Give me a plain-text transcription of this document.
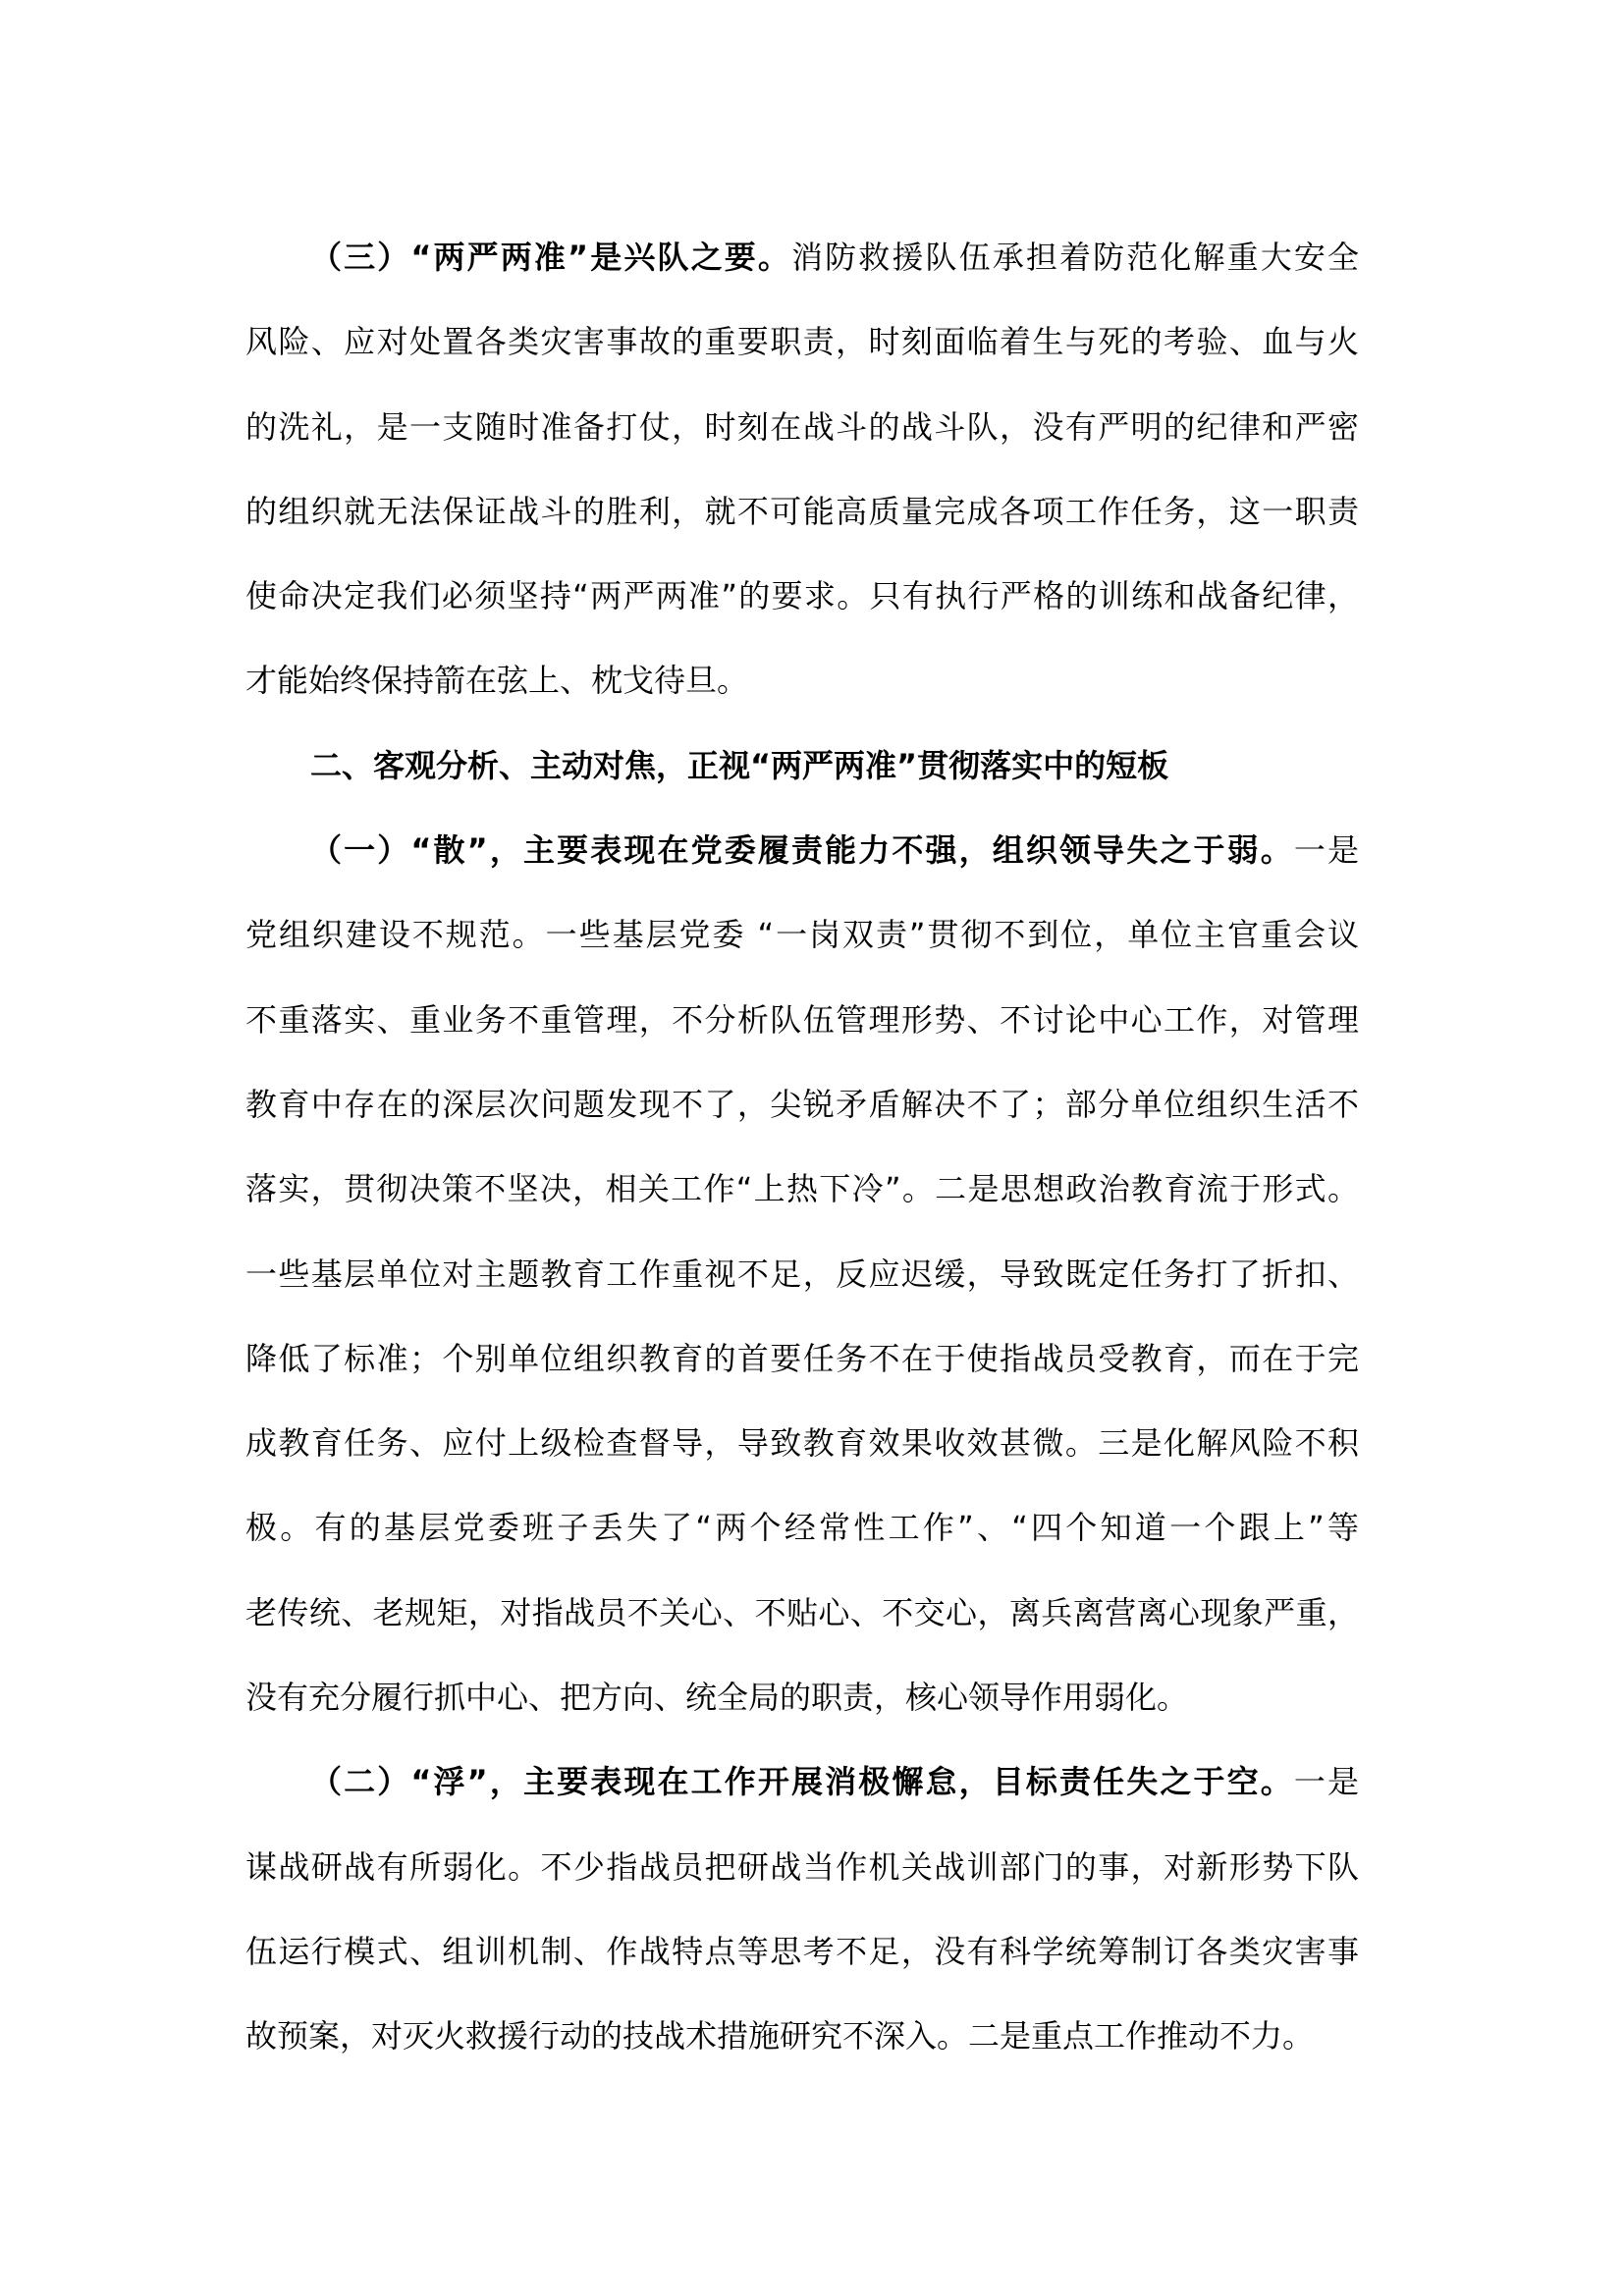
（三）“两严两准”是兴队之要。消防救援队伍承担着防范化解重大安全
风险、应对处置各类灾害事故的重要职责，时刻面临着生与死的考验、血与火
的洗礼，是一支随时准备打仗，时刻在战斗的战斗队，没有严明的纪律和严密
的组织就无法保证战斗的胜利，就不可能高质量完成各项工作任务，这一职责
使命决定我们必须坚持“两严两准”的要求。只有执行严格的训练和战备纪律，
才能始终保持箭在弦上、枕戈待旦。
二、客观分析、主动对焦，正视“两严两准”贯彻落实中的短板
（一）“散”，主要表现在党委履责能力不强，组织领导失之于弱。一是
党组织建设不规范。一些基层党委 “一岗双责”贯彻不到位，单位主官重会议
不重落实、重业务不重管理，不分析队伍管理形势、不讨论中心工作，对管理
教育中存在的深层次问题发现不了，尖锐矛盾解决不了；部分单位组织生活不
落实，贯彻决策不坚决，相关工作“上热下冷”。二是思想政治教育流于形式。
一些基层单位对主题教育工作重视不足，反应迟缓，导致既定任务打了折扣、
降低了标准；个别单位组织教育的首要任务不在于使指战员受教育，而在于完
成教育任务、应付上级检查督导，导致教育效果收效甚微。三是化解风险不积
极。有的基层党委班子丢失了“两个经常性工作”、“四个知道一个跟上”等
老传统、老规矩，对指战员不关心、不贴心、不交心，离兵离营离心现象严重，
没有充分履行抓中心、把方向、统全局的职责，核心领导作用弱化。
（二）“浮”，主要表现在工作开展消极懈怠，目标责任失之于空。一是
谋战研战有所弱化。不少指战员把研战当作机关战训部门的事，对新形势下队
伍运行模式、组训机制、作战特点等思考不足，没有科学统筹制订各类灾害事
故预案，对灭火救援行动的技战术措施研究不深入。二是重点工作推动不力。
